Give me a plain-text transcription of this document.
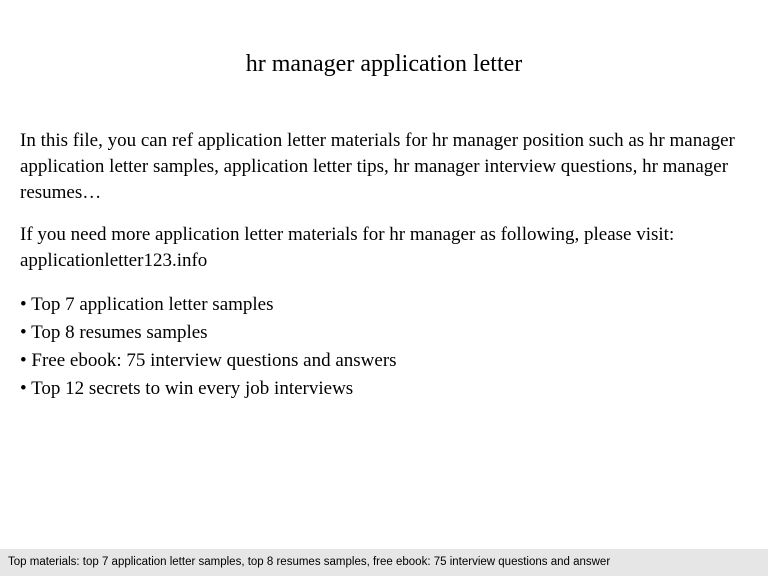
hr manager application letter
In this file, you can ref application letter materials for hr manager position such as hr manager application letter samples, application letter tips, hr manager interview questions, hr manager resumes…
If you need more application letter materials for hr manager as following, please visit: applicationletter123.info
• Top 7 application letter samples
• Top 8 resumes samples
• Free ebook: 75 interview questions and answers
• Top 12 secrets to win every job interviews
Top materials: top 7 application letter samples, top 8 resumes samples, free ebook: 75 interview questions and answer
